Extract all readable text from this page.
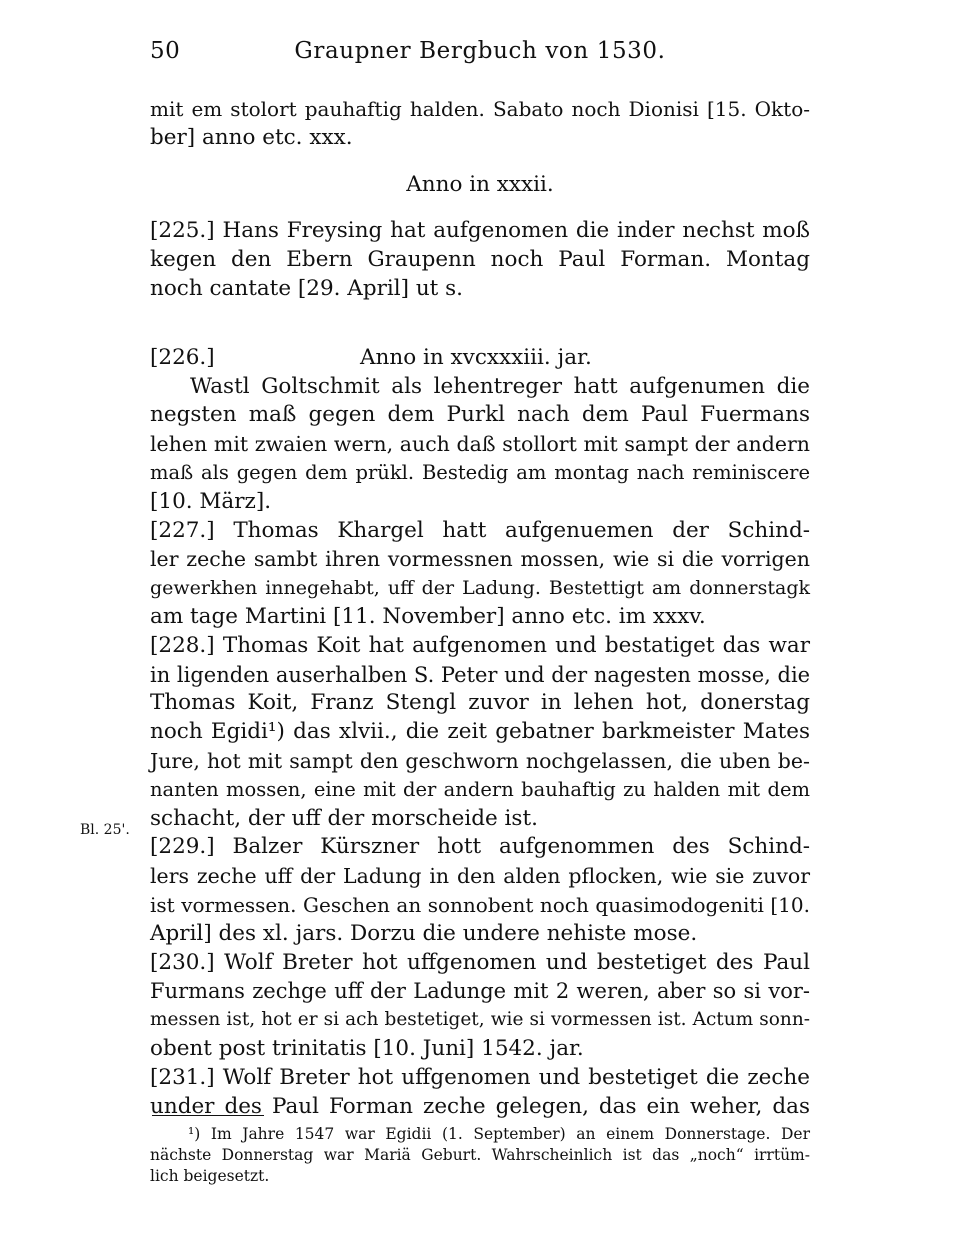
50	Graupner Bergbuch von 1530.
Bl. 25'.
mit em stolort pauhaftig halden. Sabato noch Dionisi [15. Okto-
ber] anno etc. xxx.
Anno in xxxii.
[225.] Hans Freysing hat aufgenomen die inder nechst moß
kegen den Ebern Graupenn noch Paul Forman. Montag
noch cantate [29. April] ut s.
[226.]	Anno in xvcxxxiii. jar.
Wastl Goltschmit als lehentreger hatt aufgenumen die
negsten maß gegen dem Purkl nach dem Paul Fuermans
lehen mit zwaien wern, auch daß stollort mit sampt der andern
maß als gegen dem prükl. Bestedig am montag nach reminiscere
[10. März].
[227.] Thomas Khargel hatt aufgenuemen der Schind-
ler zeche sambt ihren vormessnen mossen, wie si die vorrigen
gewerkhen innegehabt, uff der Ladung. Bestettigt am donnerstagk
am tage Martini [11. November] anno etc. im xxxv.
[228.] Thomas Koit hat aufgenomen und bestatiget das war
in ligenden auserhalben S. Peter und der nagesten mosse, die
Thomas Koit, Franz Stengl zuvor in lehen hot, donerstag
noch Egidi¹) das xlvii., die zeit gebatner barkmeister Mates
Jure, hot mit sampt den geschworn nochgelassen, die uben be-
nanten mossen, eine mit der andern bauhaftig zu halden mit dem
schacht, der uff der morscheide ist.
[229.] Balzer Kürszner hott aufgenommen des Schind-
lers zeche uff der Ladung in den alden pflocken, wie sie zuvor
ist vormessen. Geschen an sonnobent noch quasimodogeniti [10.
April] des xl. jars. Dorzu die undere nehiste mose.
[230.] Wolf Breter hot uffgenomen und bestetiget des Paul
Furmans zechge uff der Ladunge mit 2 weren, aber so si vor-
messen ist, hot er si ach bestetiget, wie si vormessen ist. Actum sonn-
obent post trinitatis [10. Juni] 1542. jar.
[231.] Wolf Breter hot uffgenomen und bestetiget die zeche
under des Paul Forman zeche gelegen, das ein weher, das
¹) Im Jahre 1547 war Egidii (1. September) an einem Donnerstage. Der
nächste Donnerstag war Mariä Geburt. Wahrscheinlich ist das „noch“ irrtüm-
lich beigesetzt.
